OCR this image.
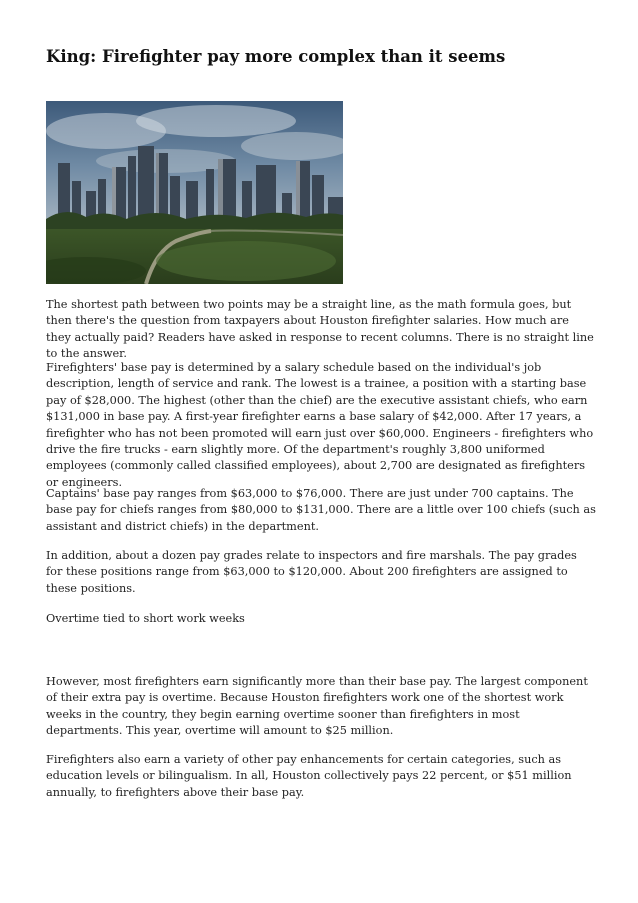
King: Firefighter pay more complex than it seems

The shortest path between two points may be a straight line, as the math formula goes, but then there's the question from taxpayers about Houston firefighter salaries. How much are they actually paid? Readers have asked in response to recent columns. There is no straight line to the answer.

Firefighters' base pay is determined by a salary schedule based on the individual's job description, length of service and rank. The lowest is a trainee, a position with a starting base pay of $28,000. The highest (other than the chief) are the executive assistant chiefs, who earn $131,000 in base pay. A first-year firefighter earns a base salary of $42,000. After 17 years, a firefighter who has not been promoted will earn just over $60,000. Engineers - firefighters who drive the fire trucks - earn slightly more. Of the department's roughly 3,800 uniformed employees (commonly called classified employees), about 2,700 are designated as firefighters or engineers.

Captains' base pay ranges from $63,000 to $76,000. There are just under 700 captains. The base pay for chiefs ranges from $80,000 to $131,000. There are a little over 100 chiefs (such as assistant and district chiefs) in the department.

In addition, about a dozen pay grades relate to inspectors and fire marshals. The pay grades for these positions range from $63,000 to $120,000. About 200 firefighters are assigned to these positions.

Overtime tied to short work weeks

However, most firefighters earn significantly more than their base pay. The largest component of their extra pay is overtime. Because Houston firefighters work one of the shortest work weeks in the country, they begin earning overtime sooner than firefighters in most departments. This year, overtime will amount to $25 million.

Firefighters also earn a variety of other pay enhancements for certain categories, such as education levels or bilingualism. In all, Houston collectively pays 22 percent, or $51 million annually, to firefighters above their base pay.
